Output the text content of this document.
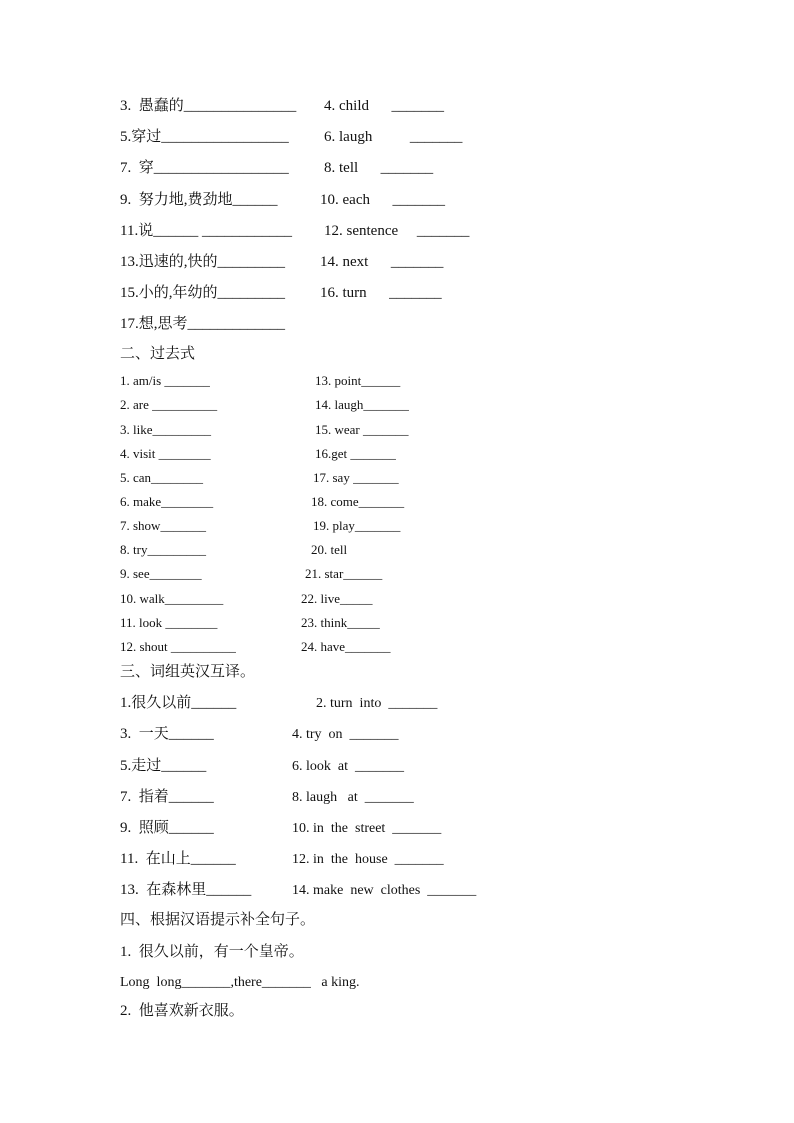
3.  愚蠢的_______________ 4. child      _______
5.穿过_________________ 6. laugh          _______
7.  穿__________________ 8. tell      _______
9.  努力地,费劲地______	10. each      _______
11.说______ ____________ 12. sentence     _______
13.迅速的,快的_________ 14. next      _______
15.小的,年幼的_________ 16. turn      _______
17.想,思考_____________
二、过去式
1. am/is _______	13. point______
2. are __________	14. laugh_______
3. like_________	15. wear _______
4. visit ________	16.get _______
5. can________	17. say _______
6. make________	18. come_______
7. show_______	19. play_______
8. try_________	20. tell
9. see________	21. star______
10. walk_________	22. live_____
11. look ________	23. think_____
12. shout __________	24. have_______
三、词组英汉互译。
1.很久以前______	2. turn  into  _______
3.  一天______	4. try  on  _______
5.走过______	6. look  at  _______
7.  指着______	8. laugh   at  _______
9.  照顾______	10. in  the  street  _______
11.  在山上______	12. in  the  house  _______
13.  在森林里______	14. make  new  clothes  _______
四、根据汉语提示补全句子。
1.  很久以前，有一个皇帝。
Long  long_______,there_______   a king.
2.  他喜欢新衣服。
